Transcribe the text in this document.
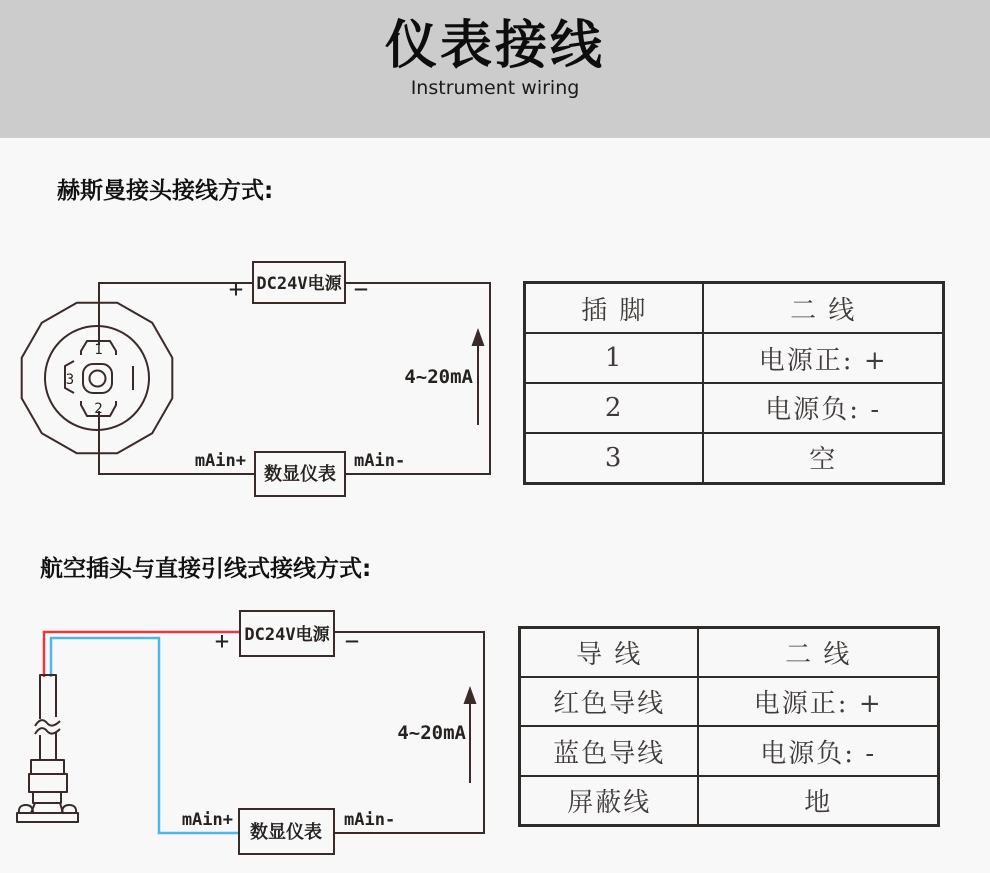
仪表接线
Instrument wiring
赫斯曼接头接线方式:
1
2
3
DC24V电源
+	−
4~20mA
数显仪表
mAin+	mAin-
插 脚	二 线
1	电源正: +
2	电源负: -
3	空
航空插头与直接引线式接线方式:
DC24V电源
+	−
4~20mA
数显仪表
mAin+	mAin-
导 线	二 线
红色导线	电源正: +
蓝色导线	电源负: -
屏蔽线	地
